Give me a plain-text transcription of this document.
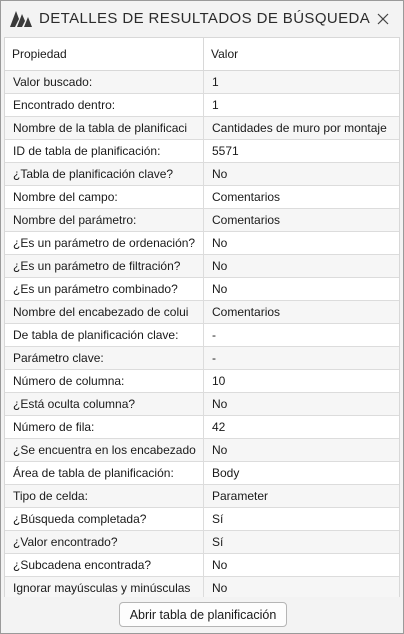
DETALLES DE RESULTADOS DE BÚSQUEDA
Propiedad	Valor
Valor buscado:	1
Encontrado dentro:	1
Nombre de la tabla de planificaci	Cantidades de muro por montaje
ID de tabla de planificación:	5571
¿Tabla de planificación clave?	No
Nombre del campo:	Comentarios
Nombre del parámetro:	Comentarios
¿Es un parámetro de ordenación?	No
¿Es un parámetro de filtración?	No
¿Es un parámetro combinado?	No
Nombre del encabezado de colui	Comentarios
De tabla de planificación clave:	-
Parámetro clave:	-
Número de columna:	10
¿Está oculta columna?	No
Número de fila:	42
¿Se encuentra en los encabezado	No
Área de tabla de planificación:	Body
Tipo de celda:	Parameter
¿Búsqueda completada?	Sí
¿Valor encontrado?	Sí
¿Subcadena encontrada?	No
Ignorar mayúsculas y minúsculas	No
Abrir tabla de planificación
